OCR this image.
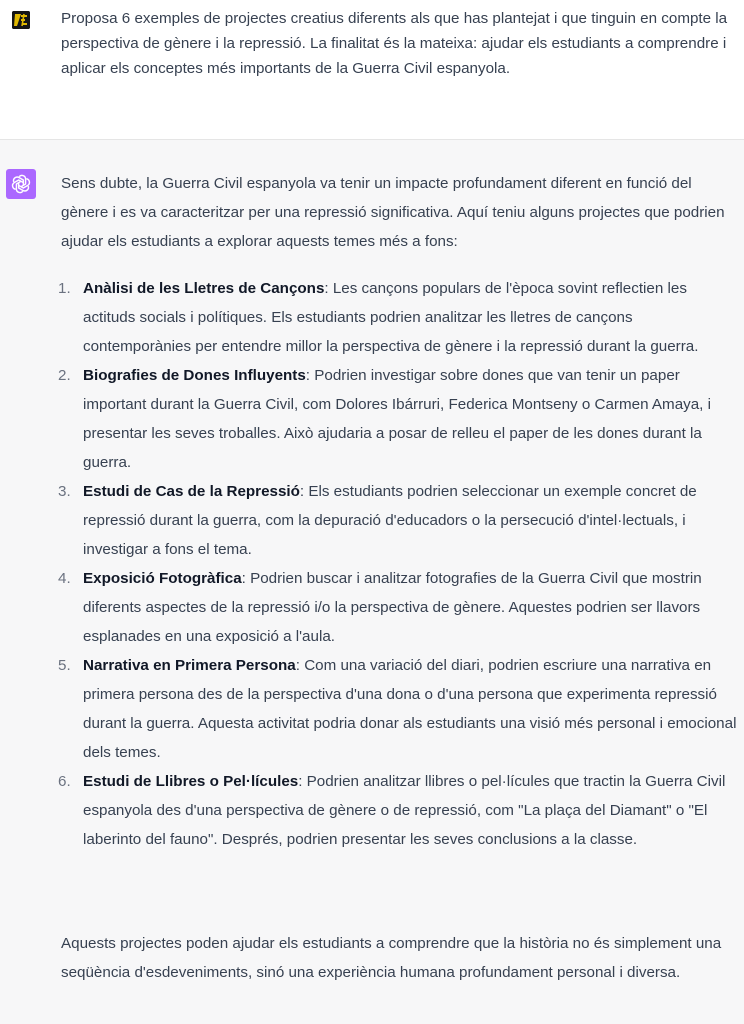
Proposa 6 exemples de projectes creatius diferents als que has plantejat i que tinguin en compte la perspectiva de gènere i la repressió. La finalitat és la mateixa: ajudar els estudiants a comprendre i aplicar els conceptes més importants de la Guerra Civil espanyola.
Sens dubte, la Guerra Civil espanyola va tenir un impacte profundament diferent en funció del gènere i es va caracteritzar per una repressió significativa. Aquí teniu alguns projectes que podrien ajudar els estudiants a explorar aquests temes més a fons:
1. Anàlisi de les Lletres de Cançons: Les cançons populars de l'època sovint reflectien les actituds socials i polítiques. Els estudiants podrien analitzar les lletres de cançons contemporànies per entendre millor la perspectiva de gènere i la repressió durant la guerra.
2. Biografies de Dones Influyents: Podrien investigar sobre dones que van tenir un paper important durant la Guerra Civil, com Dolores Ibárruri, Federica Montseny o Carmen Amaya, i presentar les seves troballes. Això ajudaria a posar de relleu el paper de les dones durant la guerra.
3. Estudi de Cas de la Repressió: Els estudiants podrien seleccionar un exemple concret de repressió durant la guerra, com la depuració d'educadors o la persecució d'intel·lectuals, i investigar a fons el tema.
4. Exposició Fotogràfica: Podrien buscar i analitzar fotografies de la Guerra Civil que mostrin diferents aspectes de la repressió i/o la perspectiva de gènere. Aquestes podrien ser llavors esplanades en una exposició a l'aula.
5. Narrativa en Primera Persona: Com una variació del diari, podrien escriure una narrativa en primera persona des de la perspectiva d'una dona o d'una persona que experimenta repressió durant la guerra. Aquesta activitat podria donar als estudiants una visió més personal i emocional dels temes.
6. Estudi de Llibres o Pel·lícules: Podrien analitzar llibres o pel·lícules que tractin la Guerra Civil espanyola des d'una perspectiva de gènere o de repressió, com "La plaça del Diamant" o "El laberinto del fauno". Després, podrien presentar les seves conclusions a la classe.
Aquests projectes poden ajudar els estudiants a comprendre que la història no és simplement una seqüència d'esdeveniments, sinó una experiència humana profundament personal i diversa.
